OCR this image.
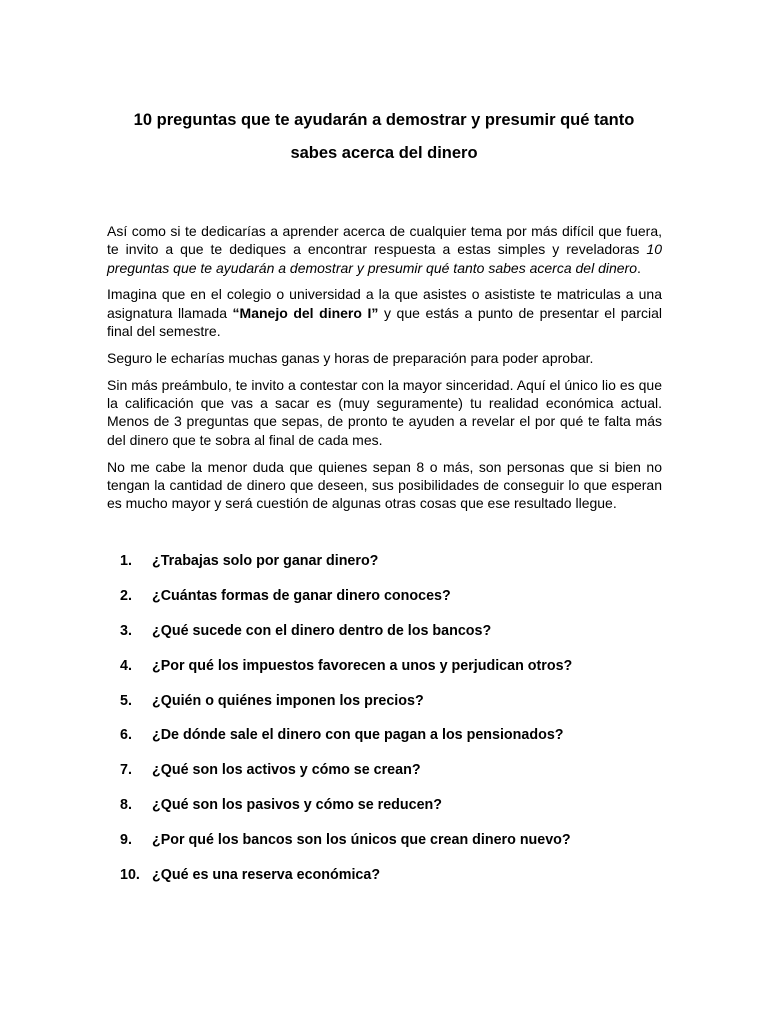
10 preguntas que te ayudarán a demostrar y presumir qué tanto
sabes acerca del dinero

Así como si te dedicarías a aprender acerca de cualquier tema por más difícil que fuera, te invito a que te dediques a encontrar respuesta a estas simples y reveladoras 10 preguntas que te ayudarán a demostrar y presumir qué tanto sabes acerca del dinero.

Imagina que en el colegio o universidad a la que asistes o asististe te matriculas a una asignatura llamada “Manejo del dinero I” y que estás a punto de presentar el parcial final del semestre.

Seguro le echarías muchas ganas y horas de preparación para poder aprobar.

Sin más preámbulo, te invito a contestar con la mayor sinceridad. Aquí el único lio es que la calificación que vas a sacar es (muy seguramente) tu realidad económica actual. Menos de 3 preguntas que sepas, de pronto te ayuden a revelar el por qué te falta más del dinero que te sobra al final de cada mes.

No me cabe la menor duda que quienes sepan 8 o más, son personas que si bien no tengan la cantidad de dinero que deseen, sus posibilidades de conseguir lo que esperan es mucho mayor y será cuestión de algunas otras cosas que ese resultado llegue.

1. ¿Trabajas solo por ganar dinero?
2. ¿Cuántas formas de ganar dinero conoces?
3. ¿Qué sucede con el dinero dentro de los bancos?
4. ¿Por qué los impuestos favorecen a unos y perjudican otros?
5. ¿Quién o quiénes imponen los precios?
6. ¿De dónde sale el dinero con que pagan a los pensionados?
7. ¿Qué son los activos y cómo se crean?
8. ¿Qué son los pasivos y cómo se reducen?
9. ¿Por qué los bancos son los únicos que crean dinero nuevo?
10. ¿Qué es una reserva económica?
